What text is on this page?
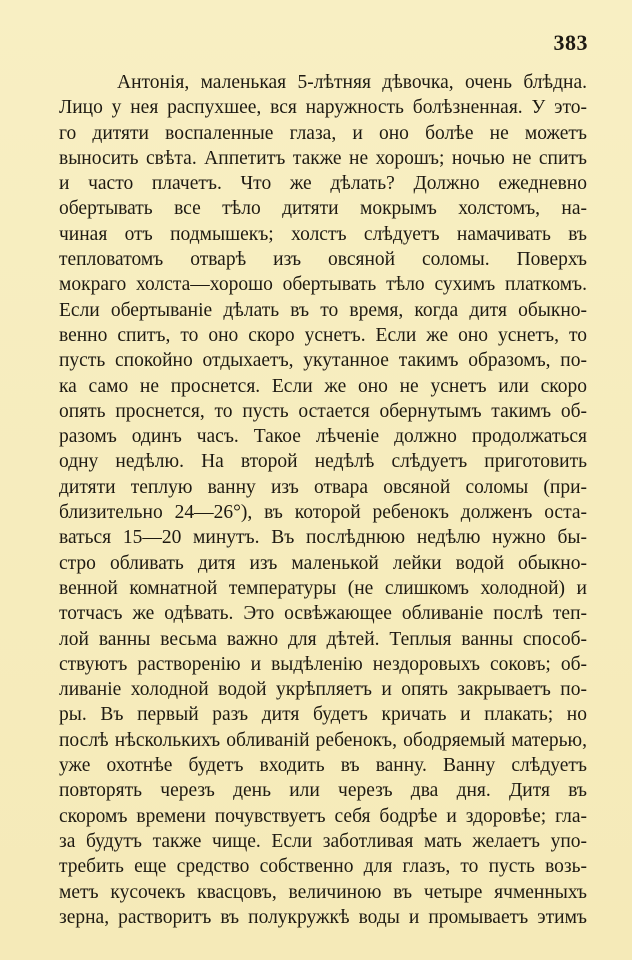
383
Антонія, маленькая 5-лѣтняя дѣвочка, очень блѣдна.
Лицо у нея распухшее, вся наружность болѣзненная. У это-
го дитяти воспаленные глаза, и оно болѣе не можетъ
выносить свѣта. Аппетитъ также не хорошъ; ночью не спитъ
и часто плачетъ. Что же дѣлать? Должно ежедневно
обертывать все тѣло дитяти мокрымъ холстомъ, на-
чиная отъ подмышекъ; холстъ слѣдуетъ намачивать въ
тепловатомъ отварѣ изъ овсяной соломы. Поверхъ
мокраго холста—хорошо обертывать тѣло сухимъ платкомъ.
Если обертываніе дѣлать въ то время, когда дитя обыкно-
венно спитъ, то оно скоро уснетъ. Если же оно уснетъ, то
пусть спокойно отдыхаетъ, укутанное такимъ образомъ, по-
ка само не проснется. Если же оно не уснетъ или скоро
опять проснется, то пусть остается обернутымъ такимъ об-
разомъ одинъ часъ. Такое лѣченіе должно продолжаться
одну недѣлю. На второй недѣлѣ слѣдуетъ приготовить
дитяти теплую ванну изъ отвара овсяной соломы (при-
близительно 24—26°), въ которой ребенокъ долженъ оста-
ваться 15—20 минутъ. Въ послѣднюю недѣлю нужно бы-
стро обливать дитя изъ маленькой лейки водой обыкно-
венной комнатной температуры (не слишкомъ холодной) и
тотчасъ же одѣвать. Это освѣжающее обливаніе послѣ теп-
лой ванны весьма важно для дѣтей. Теплыя ванны способ-
ствуютъ растворенію и выдѣленію нездоровыхъ соковъ; об-
ливаніе холодной водой укрѣпляетъ и опять закрываетъ по-
ры. Въ первый разъ дитя будетъ кричать и плакать; но
послѣ нѣсколькихъ обливаній ребенокъ, ободряемый матерью,
уже охотнѣе будетъ входить въ ванну. Ванну слѣдуетъ
повторять черезъ день или черезъ два дня. Дитя въ
скоромъ времени почувствуетъ себя бодрѣе и здоровѣе; гла-
за будутъ также чище. Если заботливая мать желаетъ упо-
требить еще средство собственно для глазъ, то пусть возь-
метъ кусочекъ квасцовъ, величиною въ четыре ячменныхъ
зерна, растворитъ въ полукружкѣ воды и промываетъ этимъ
